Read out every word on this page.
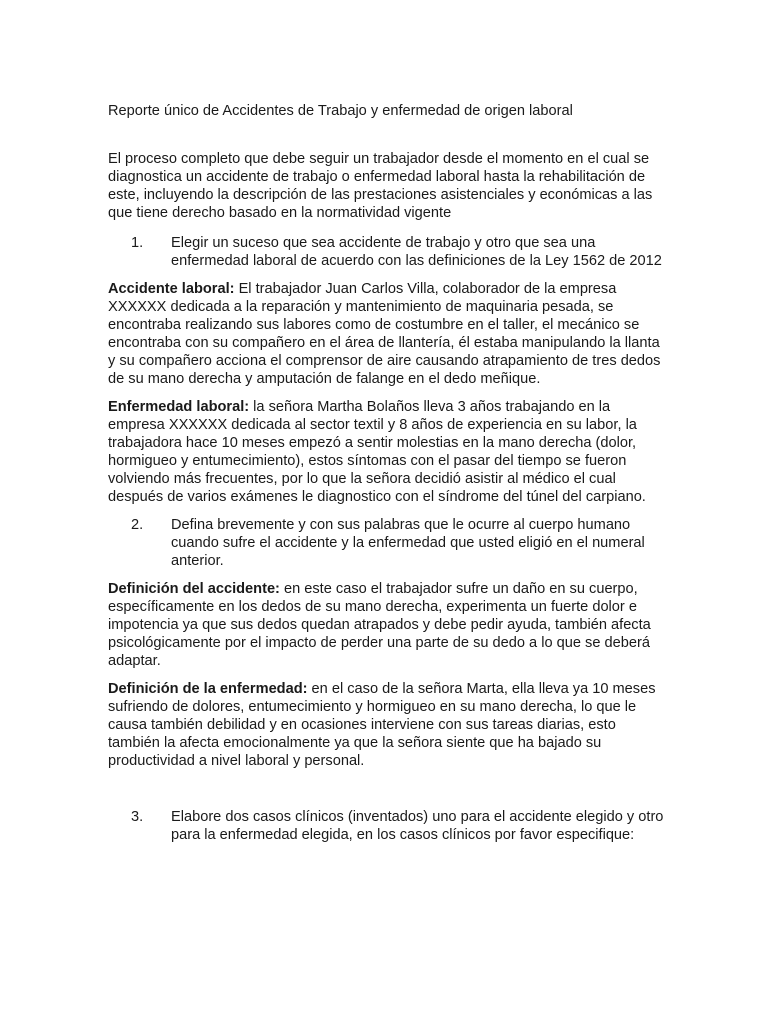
Reporte único de Accidentes de Trabajo y enfermedad de origen laboral

El proceso completo que debe seguir un trabajador desde el momento en el cual se diagnostica un accidente de trabajo o enfermedad laboral hasta la rehabilitación de este, incluyendo la descripción de las prestaciones asistenciales y económicas a las que tiene derecho basado en la normatividad vigente

1.	Elegir un suceso que sea accidente de trabajo y otro que sea una enfermedad laboral de acuerdo con las definiciones de la Ley 1562 de 2012

Accidente laboral: El trabajador Juan Carlos Villa, colaborador de la empresa XXXXXX dedicada a la reparación y mantenimiento de maquinaria pesada, se encontraba realizando sus labores como de costumbre en el taller, el mecánico se encontraba con su compañero en el área de llantería, él estaba manipulando la llanta y su compañero acciona el comprensor de aire causando atrapamiento de tres dedos de su mano derecha y amputación de falange en el dedo meñique.

Enfermedad laboral: la señora Martha Bolaños lleva 3 años trabajando en la empresa XXXXXX dedicada al sector textil y 8 años de experiencia en su labor, la trabajadora hace 10 meses empezó a sentir molestias en la mano derecha (dolor, hormigueo y entumecimiento), estos síntomas con el pasar del tiempo se fueron volviendo más frecuentes, por lo que la señora decidió asistir al médico el cual después de varios exámenes le diagnostico con el síndrome del túnel del carpiano.

2.	Defina brevemente y con sus palabras que le ocurre al cuerpo humano cuando sufre el accidente y la enfermedad que usted eligió en el numeral anterior.

Definición del accidente: en este caso el trabajador sufre un daño en su cuerpo, específicamente en los dedos de su mano derecha, experimenta un fuerte dolor e impotencia ya que sus dedos quedan atrapados y debe pedir ayuda, también afecta psicológicamente por el impacto de perder una parte de su dedo a lo que se deberá adaptar.

Definición de la enfermedad: en el caso de la señora Marta, ella lleva ya 10 meses sufriendo de dolores, entumecimiento y hormigueo en su mano derecha, lo que le causa también debilidad y en ocasiones interviene con sus tareas diarias, esto también la afecta emocionalmente ya que la señora siente que ha bajado su productividad a nivel laboral y personal.

3.	Elabore dos casos clínicos (inventados) uno para el accidente elegido y otro para la enfermedad elegida, en los casos clínicos por favor especifique:
